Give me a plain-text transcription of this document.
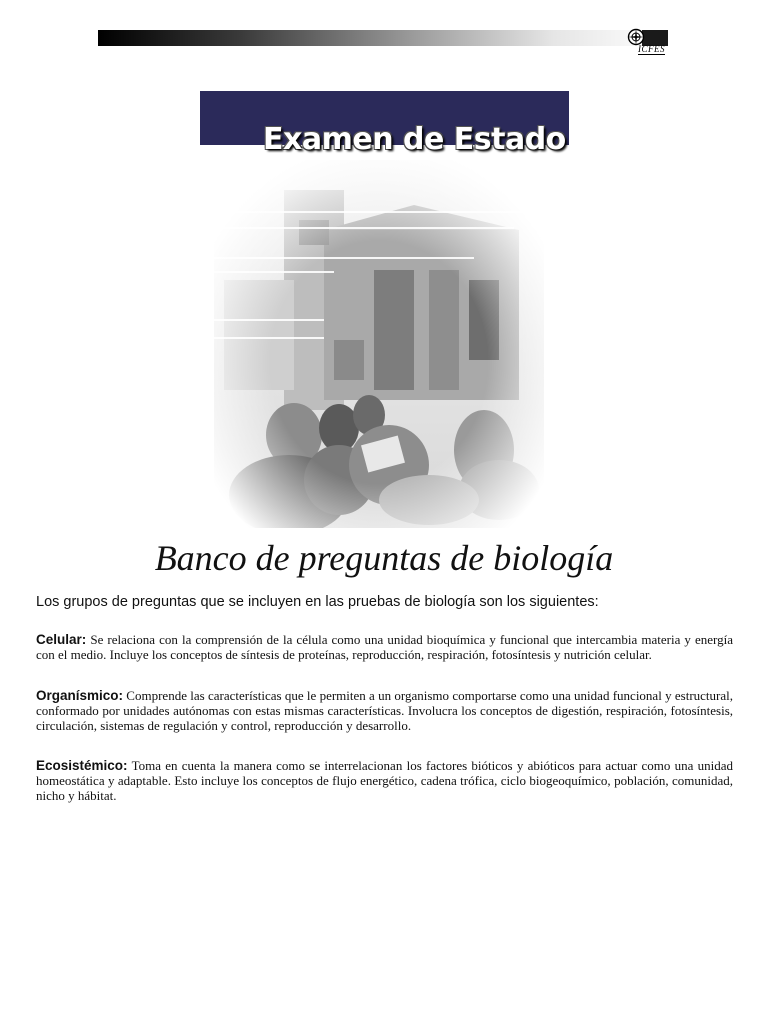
ICFES
Examen de Estado
Banco de preguntas de biología
Los grupos de preguntas que se incluyen en las pruebas de biología son los siguientes:
Celular: Se relaciona con la comprensión de la célula como una unidad bioquímica y funcional que intercambia materia y energía con el medio. Incluye los conceptos de síntesis de proteínas, reproducción, respiración, fotosíntesis y nutrición celular.
Organísmico: Comprende las características que le permiten a un organismo comportarse como una unidad funcional y estructural, conformado por unidades autónomas con estas mismas características. Involucra los conceptos de digestión, respiración, fotosíntesis, circulación, sistemas de regulación y control, reproducción y desarrollo.
Ecosistémico: Toma en cuenta la manera como se interrelacionan los factores bióticos y abióticos para actuar como una unidad homeostática y adaptable. Esto incluye los conceptos de flujo energético, cadena trófica, ciclo biogeoquímico, población, comunidad, nicho y hábitat.
